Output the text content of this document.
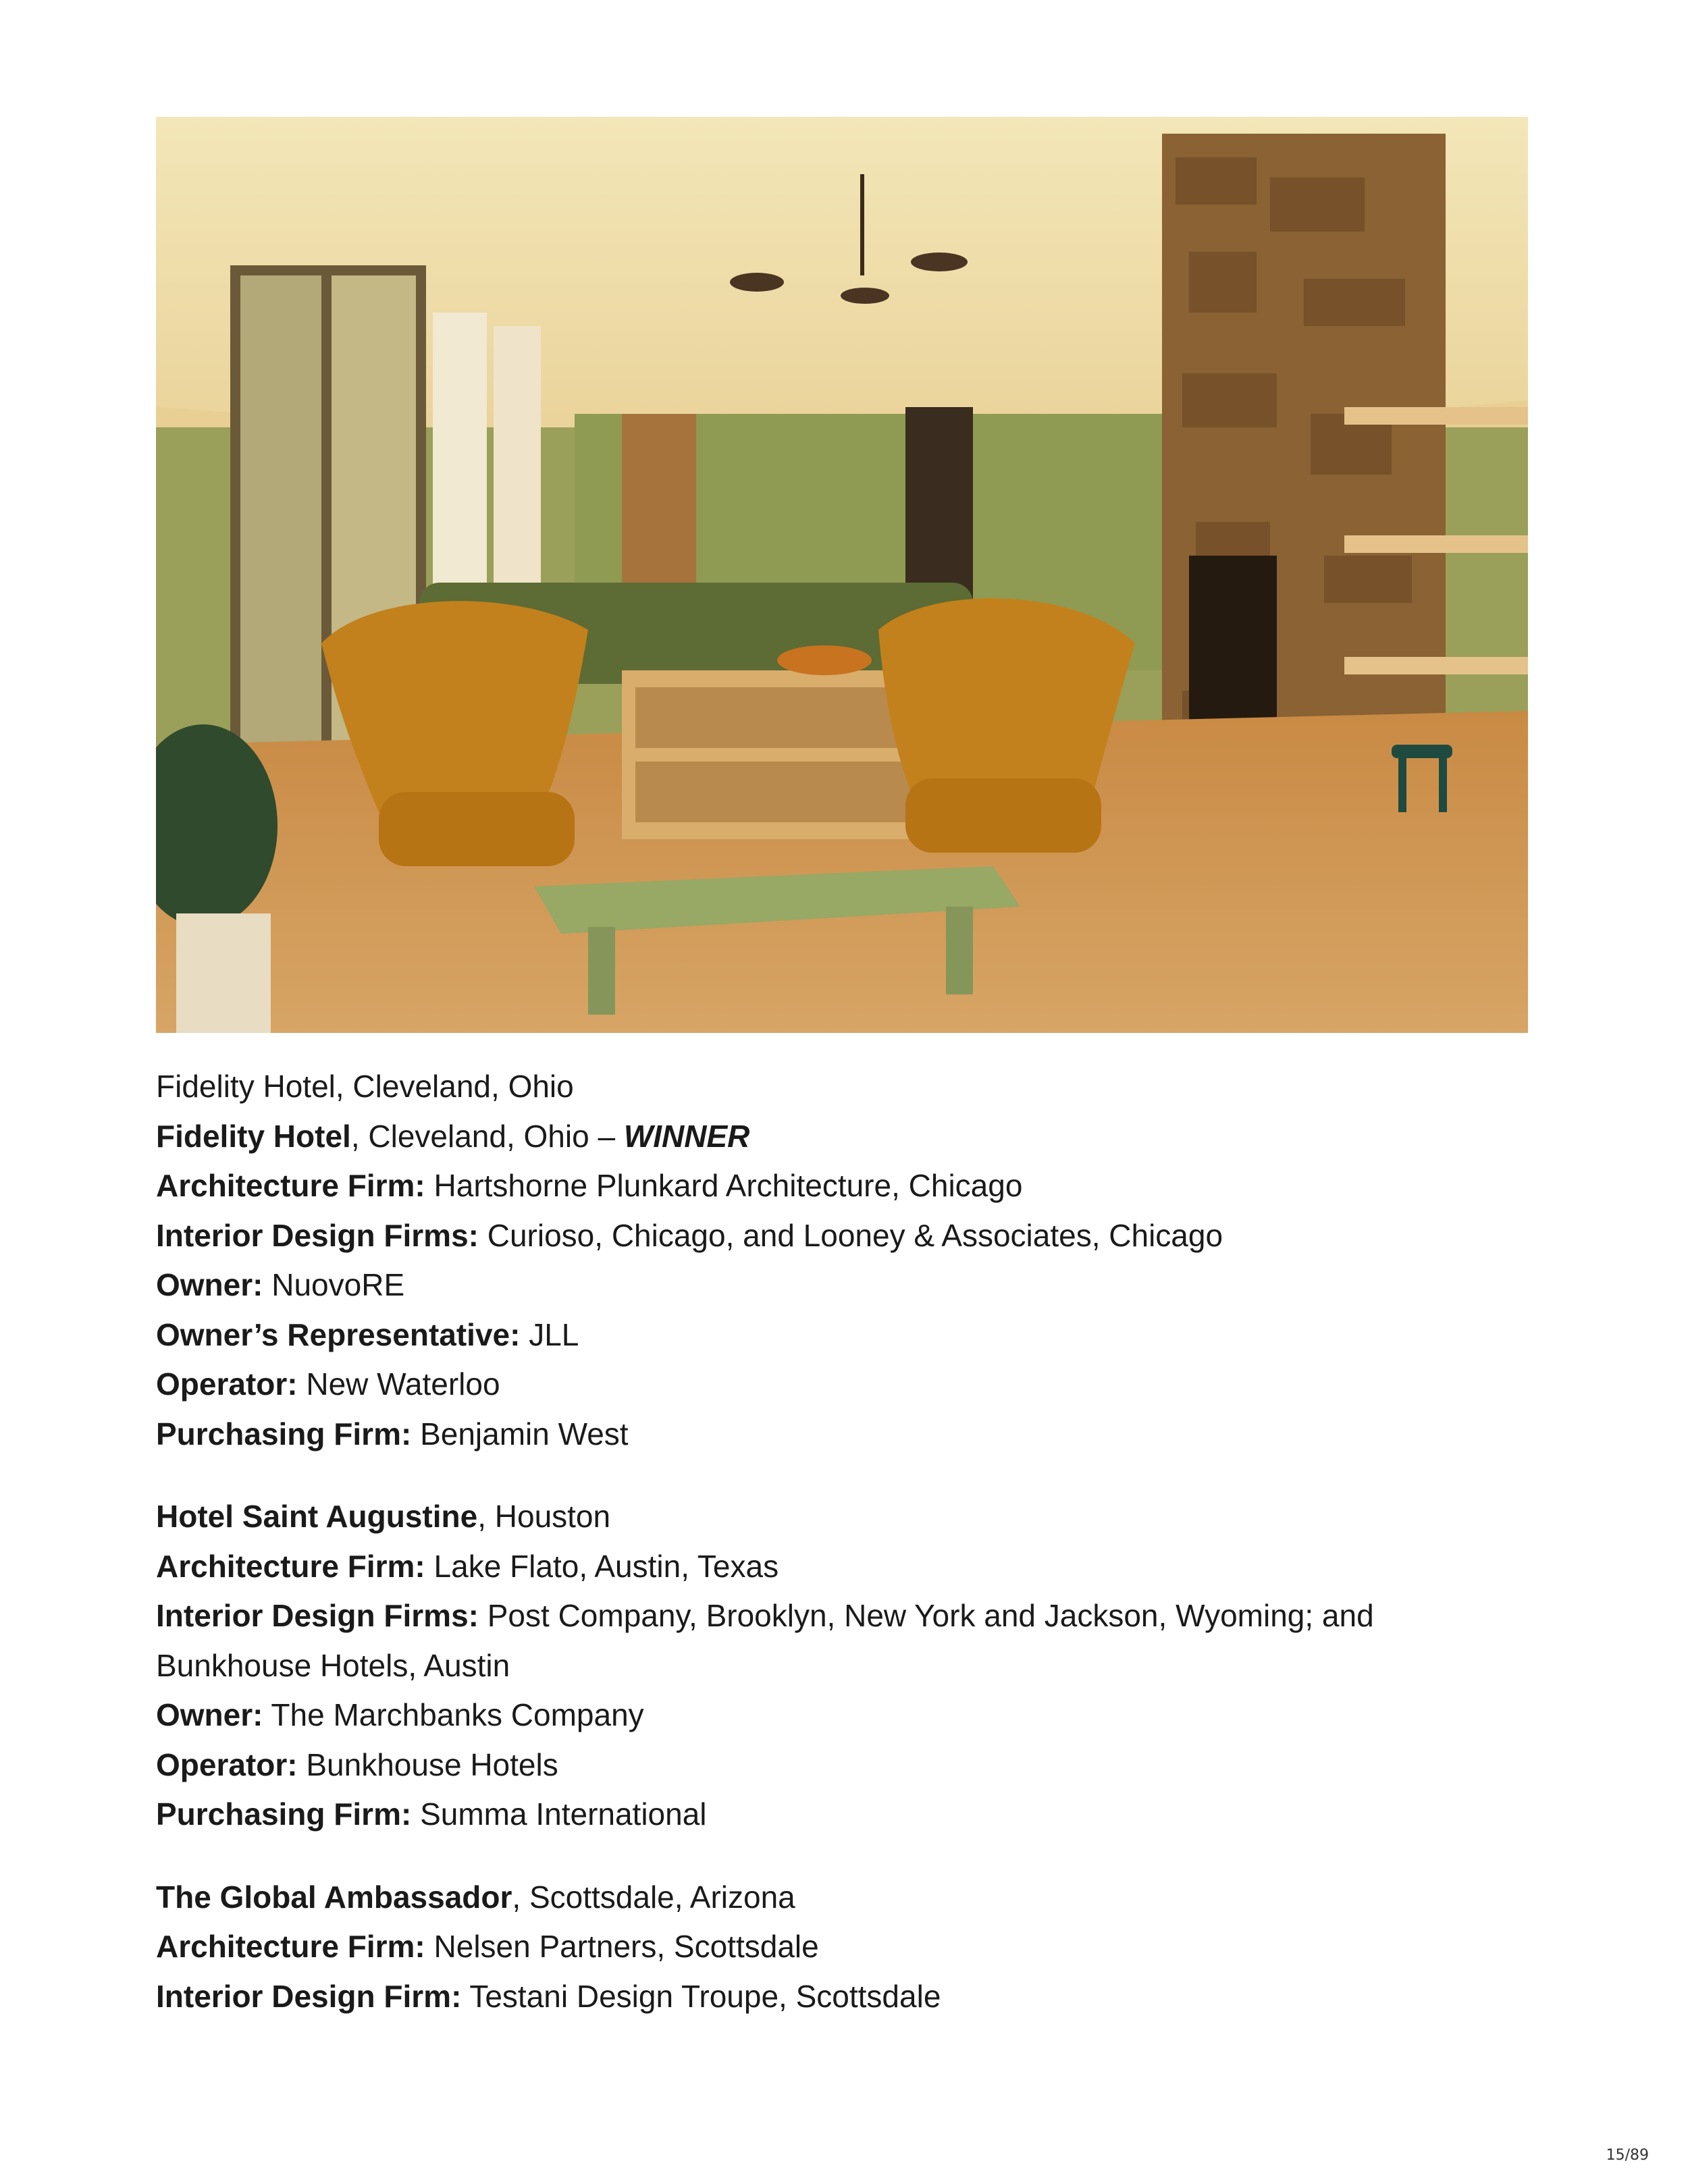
Fidelity Hotel, Cleveland, Ohio

Fidelity Hotel, Cleveland, Ohio – WINNER

Architecture Firm: Hartshorne Plunkard Architecture, Chicago

Interior Design Firms: Curioso, Chicago, and Looney & Associates, Chicago

Owner: NuovoRE

Owner’s Representative: JLL

Operator: New Waterloo

Purchasing Firm: Benjamin West

Hotel Saint Augustine, Houston

Architecture Firm: Lake Flato, Austin, Texas

Interior Design Firms: Post Company, Brooklyn, New York and Jackson, Wyoming; and Bunkhouse Hotels, Austin

Owner: The Marchbanks Company

Operator: Bunkhouse Hotels

Purchasing Firm: Summa International

The Global Ambassador, Scottsdale, Arizona

Architecture Firm: Nelsen Partners, Scottsdale

Interior Design Firm: Testani Design Troupe, Scottsdale

15/89
